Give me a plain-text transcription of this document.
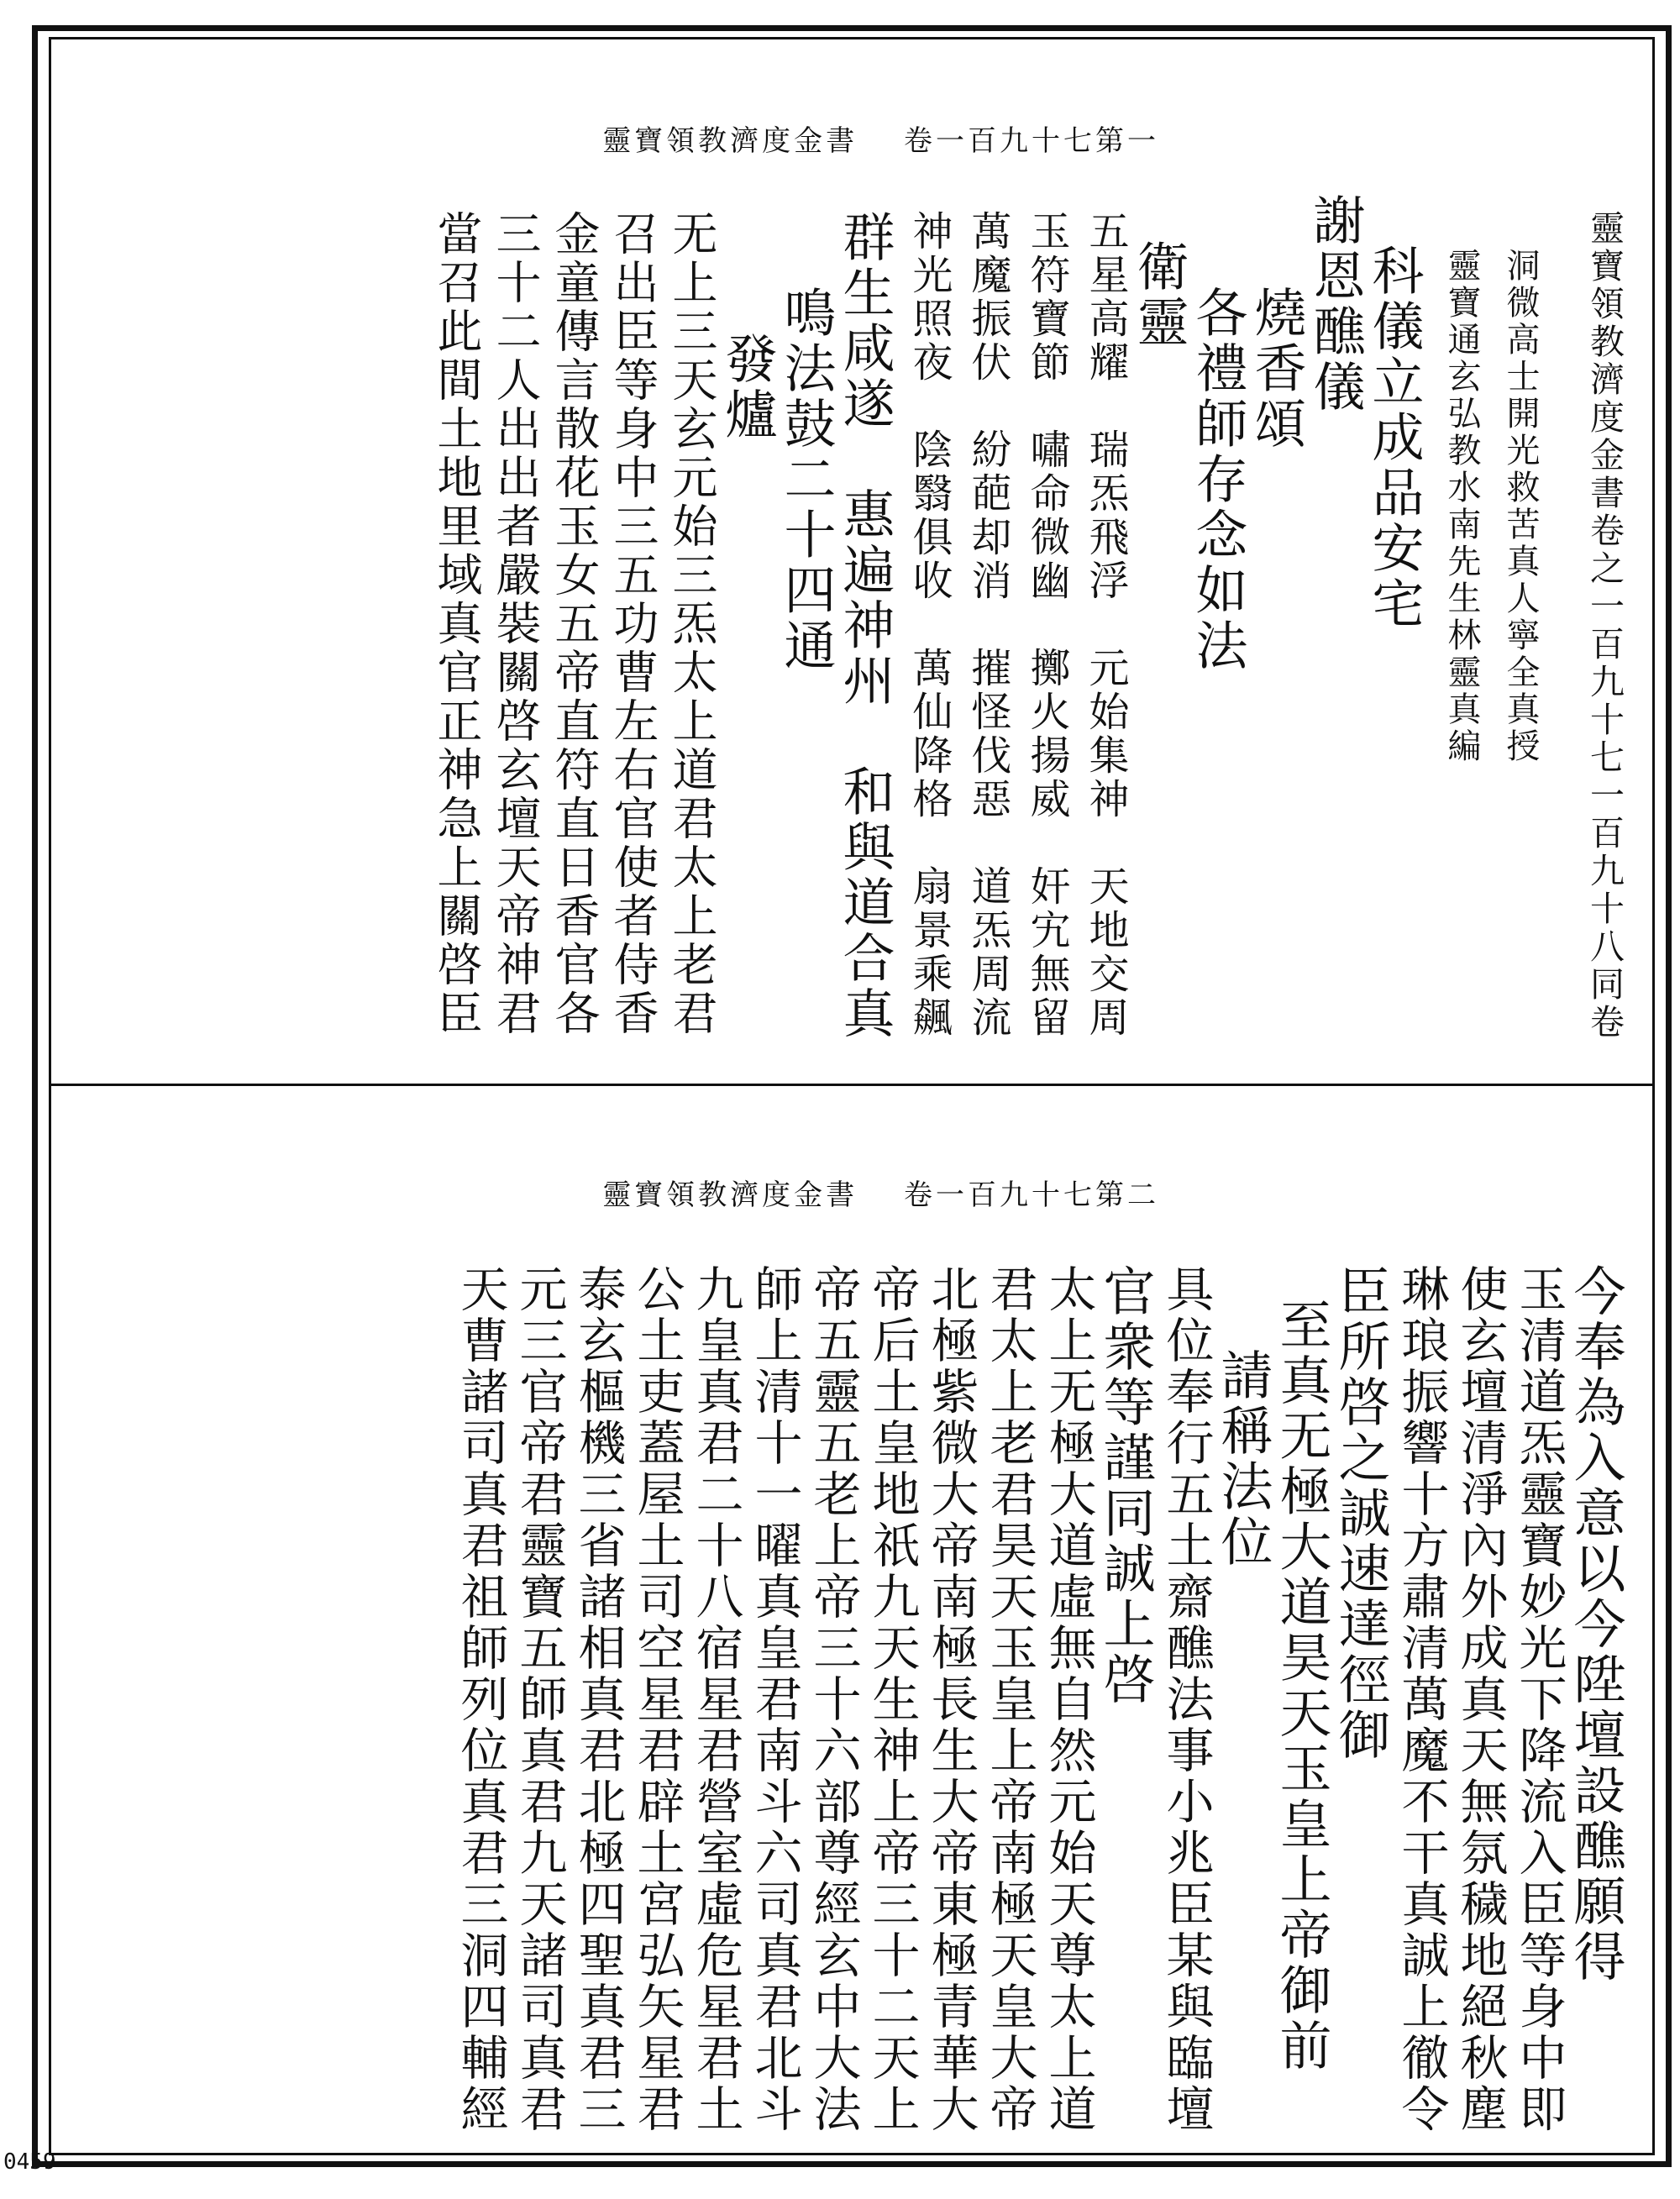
靈寶領教濟度金書 卷一百九十七第一
靈寶領教濟度金書卷之一百九十七一百九十八同卷
洞微高士開光救苦真人寧全真授
靈寶通玄弘教水南先生林靈真編
科儀立成品安宅
謝恩醮儀
燒香頌
各禮師存念如法
衛靈
五星高耀　瑞炁飛浮　元始集神　天地交周
玉符寶節　嘯命微幽　擲火揚威　奸宄無留
萬魔振伏　紛葩却消　摧怪伐惡　道炁周流
神光照夜　陰翳俱收　萬仙降格　扇景乘飆
群生咸遂　惠遍神州　和與道合真
鳴法鼓二十四通
發爐
无上三天玄元始三炁太上道君太上老君
召出臣等身中三五功曹左右官使者侍香
金童傳言散花玉女五帝直符直日香官各
三十二人出出者嚴裝關啓玄壇天帝神君
當召此間土地里域真官正神急上關啓臣
靈寶領教濟度金書 卷一百九十七第二
今奉為入意以今陞壇設醮願得
玉清道炁靈寶妙光下降流入臣等身中即
使玄壇清淨內外成真天無氛穢地絕秋塵
琳琅振響十方肅清萬魔不干真誠上徹令
臣所啓之誠速達徑御
至真无極大道昊天玉皇上帝御前
請稱法位
具位奉行五土齋醮法事小兆臣某與臨壇
官衆等謹同誠上啓
太上无極大道虛無自然元始天尊太上道
君太上老君昊天玉皇上帝南極天皇大帝
北極紫微大帝南極長生大帝東極青華大
帝后土皇地祇九天生神上帝三十二天上
帝五靈五老上帝三十六部尊經玄中大法
師上清十一曜真皇君南斗六司真君北斗
九皇真君二十八宿星君營室虛危星君土
公土吏蓋屋土司空星君辟土宮弘矢星君
泰玄樞機三省諸相真君北極四聖真君三
元三官帝君靈寶五師真君九天諸司真君
天曹諸司真君祖師列位真君三洞四輔經
0459
